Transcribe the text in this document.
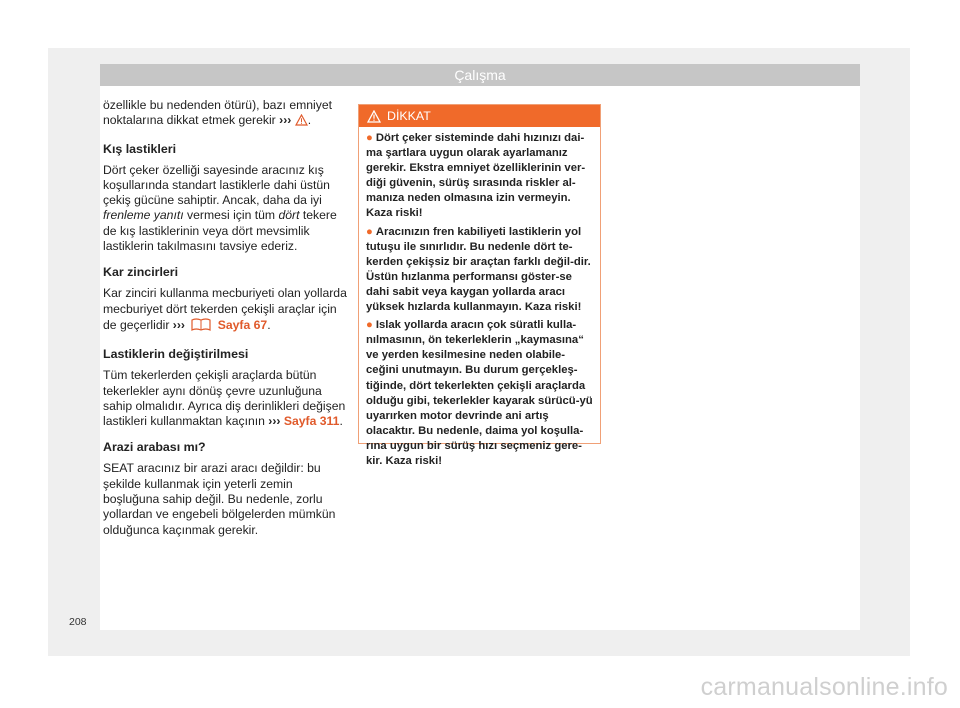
Çalışma

özellikle bu nedenden ötürü), bazı emniyet noktalarına dikkat etmek gerekir ››› .

Kış lastikleri

Dört çeker özelliği sayesinde aracınız kış koşullarında standart lastiklerle dahi üstün çekiş gücüne sahiptir. Ancak, daha da iyi frenleme yanıtı vermesi için tüm dört tekere de kış lastiklerinin veya dört mevsimlik lastiklerin takılmasını tavsiye ederiz.

Kar zincirleri

Kar zinciri kullanma mecburiyeti olan yollarda mecburiyet dört tekerden çekişli araçlar için de geçerlidir ›››	Sayfa 67.

Lastiklerin değiştirilmesi

Tüm tekerlerden çekişli araçlarda bütün tekerlekler aynı dönüş çevre uzunluğuna sahip olmalıdır. Ayrıca diş derinlikleri değişen lastikleri kullanmaktan kaçının ››› Sayfa 311.

Arazi arabası mı?

SEAT aracınız bir arazi aracı değildir: bu şekilde kullanmak için yeterli zemin boşluğuna sahip değil. Bu nedenle, zorlu yollardan ve engebeli bölgelerden mümkün olduğunca kaçınmak gerekir.

DİKKAT

● Dört çeker sisteminde dahi hızınızı dai-ma şartlara uygun olarak ayarlamanız gerekir. Ekstra emniyet özelliklerinin ver-diği güvenin, sürüş sırasında riskler al-manıza neden olmasına izin vermeyin. Kaza riski!

● Aracınızın fren kabiliyeti lastiklerin yol tutuşu ile sınırlıdır. Bu nedenle dört te-kerden çekişsiz bir araçtan farklı değil-dir. Üstün hızlanma performansı göster-se dahi sabit veya kaygan yollarda aracı yüksek hızlarda kullanmayın. Kaza riski!

● Islak yollarda aracın çok süratli kulla-nılmasının, ön tekerleklerin „kaymasına“ ve yerden kesilmesine neden olabile-ceğini unutmayın. Bu durum gerçekleş-tiğinde, dört tekerlekten çekişli araçlarda olduğu gibi, tekerlekler kayarak sürücü-yü uyarırken motor devrinde ani artış olacaktır. Bu nedenle, daima yol koşulla-rına uygun bir sürüş hızı seçmeniz gere-kir. Kaza riski!

208
carmanualsonline.info
